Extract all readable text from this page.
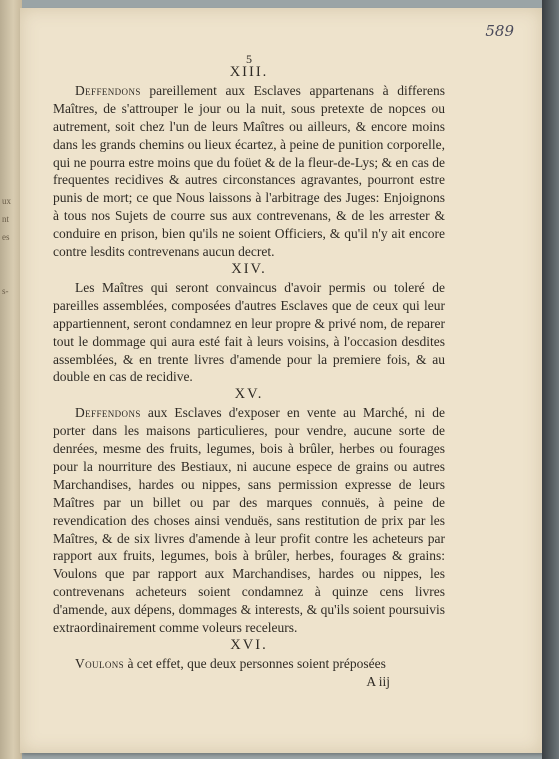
ux
nt
es
s-
589
5
XIII.

Deffendons pareillement aux Esclaves appartenans à differens Maîtres, de s'attrouper le jour ou la nuit, sous pretexte de nopces ou autrement, soit chez l'un de leurs Maîtres ou ailleurs, & encore moins dans les grands chemins ou lieux écartez, à peine de punition corporelle, qui ne pourra estre moins que du foüet & de la fleur-de-Lys; & en cas de frequentes recidives & autres circonstances agravantes, pourront estre punis de mort; ce que Nous laissons à l'arbitrage des Juges: Enjoignons à tous nos Sujets de courre sus aux contrevenans, & de les arrester & conduire en prison, bien qu'ils ne soient Officiers, & qu'il n'y ait encore contre lesdits contrevenans aucun decret.

XIV.

Les Maîtres qui seront convaincus d'avoir permis ou toleré de pareilles assemblées, composées d'autres Esclaves que de ceux qui leur appartiennent, seront condamnez en leur propre & privé nom, de reparer tout le dommage qui aura esté fait à leurs voisins, à l'occasion desdites assemblées, & en trente livres d'amende pour la premiere fois, & au double en cas de recidive.

XV.

Deffendons aux Esclaves d'exposer en vente au Marché, ni de porter dans les maisons particulieres, pour vendre, aucune sorte de denrées, mesme des fruits, legumes, bois à brûler, herbes ou fourages pour la nourriture des Bestiaux, ni aucune espece de grains ou autres Marchandises, hardes ou nippes, sans permission expresse de leurs Maîtres par un billet ou par des marques connuës, à peine de revendication des choses ainsi venduës, sans restitution de prix par les Maîtres, & de six livres d'amende à leur profit contre les acheteurs par rapport aux fruits, legumes, bois à brûler, herbes, fourages & grains: Voulons que par rapport aux Marchandises, hardes ou nippes, les contrevenans acheteurs soient condamnez à quinze cens livres d'amende, aux dépens, dommages & interests, & qu'ils soient poursuivis extraordinairement comme voleurs receleurs.

XVI.

Voulons à cet effet, que deux personnes soient préposées

A iij
